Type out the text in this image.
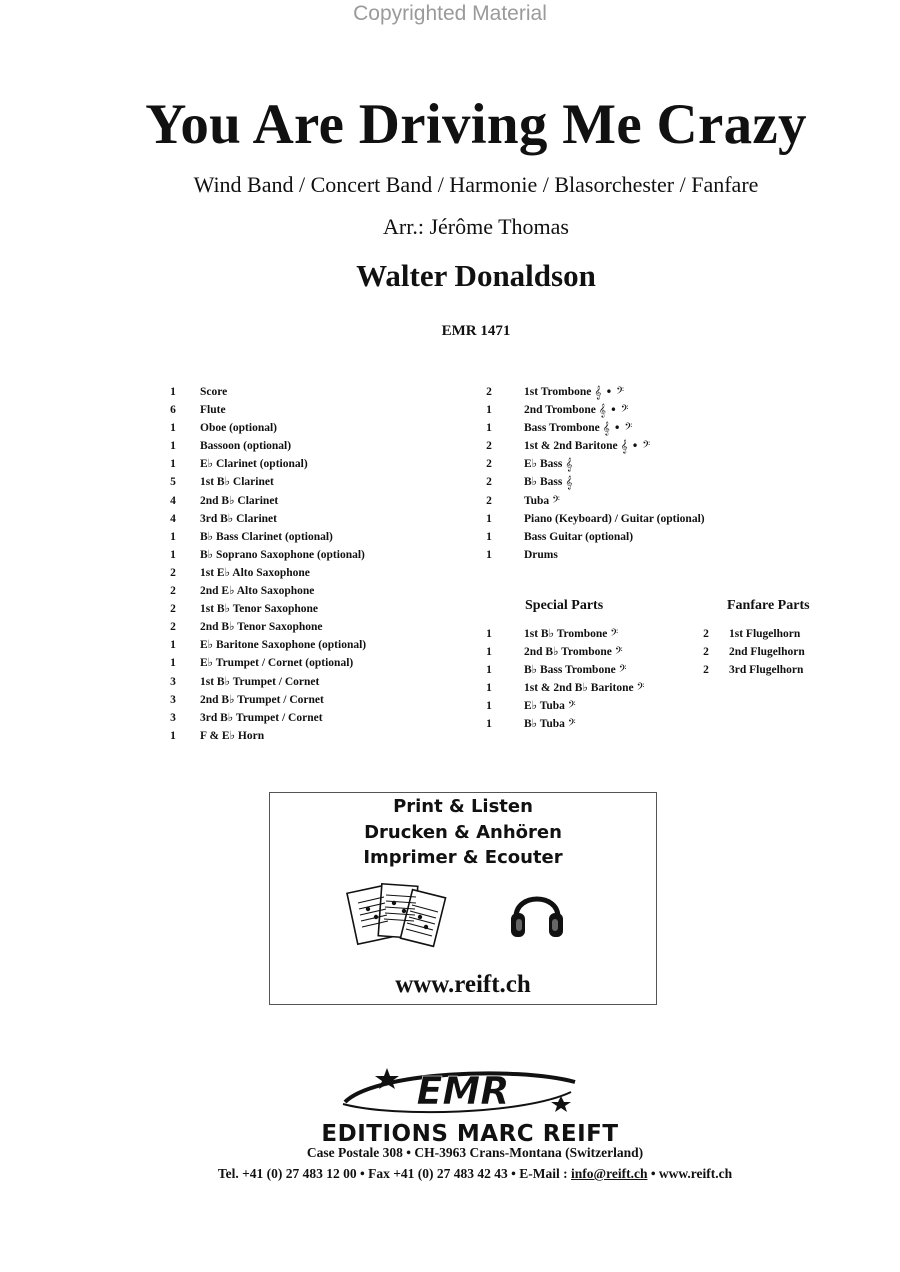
Copyrighted Material
You Are Driving Me Crazy
Wind Band / Concert Band / Harmonie / Blasorchester / Fanfare
Arr.: Jérôme Thomas
Walter Donaldson
EMR 1471
1	Score
6	Flute
1	Oboe (optional)
1	Bassoon (optional)
1	E♭ Clarinet (optional)
5	1st B♭ Clarinet
4	2nd B♭ Clarinet
4	3rd B♭ Clarinet
1	B♭ Bass Clarinet (optional)
1	B♭ Soprano Saxophone (optional)
2	1st E♭ Alto Saxophone
2	2nd E♭ Alto Saxophone
2	1st B♭ Tenor Saxophone
2	2nd B♭ Tenor Saxophone
1	E♭ Baritone Saxophone (optional)
1	E♭ Trumpet / Cornet (optional)
3	1st B♭ Trumpet / Cornet
3	2nd B♭ Trumpet / Cornet
3	3rd B♭ Trumpet / Cornet
1	F & E♭ Horn
2	1st Trombone 𝄞 • 𝄢
1	2nd Trombone 𝄞 • 𝄢
1	Bass Trombone 𝄞 • 𝄢
2	1st & 2nd Baritone 𝄞 • 𝄢
2	E♭ Bass 𝄞
2	B♭ Bass 𝄞
2	Tuba 𝄢
1	Piano (Keyboard) / Guitar (optional)
1	Bass Guitar (optional)
1	Drums
Special Parts	Fanfare Parts
1	1st B♭ Trombone 𝄢
1	2nd B♭ Trombone 𝄢
1	B♭ Bass Trombone 𝄢
1	1st & 2nd B♭ Baritone 𝄢
1	E♭ Tuba 𝄢
1	B♭ Tuba 𝄢
2	1st Flugelhorn
2	2nd Flugelhorn
2	3rd Flugelhorn
Print & Listen
Drucken & Anhören
Imprimer & Ecouter
www.reift.ch
EMR
EDITIONS MARC REIFT
Case Postale 308 • CH-3963 Crans-Montana (Switzerland)
Tel. +41 (0) 27 483 12 00 • Fax +41 (0) 27 483 42 43 • E-Mail : info@reift.ch • www.reift.ch
